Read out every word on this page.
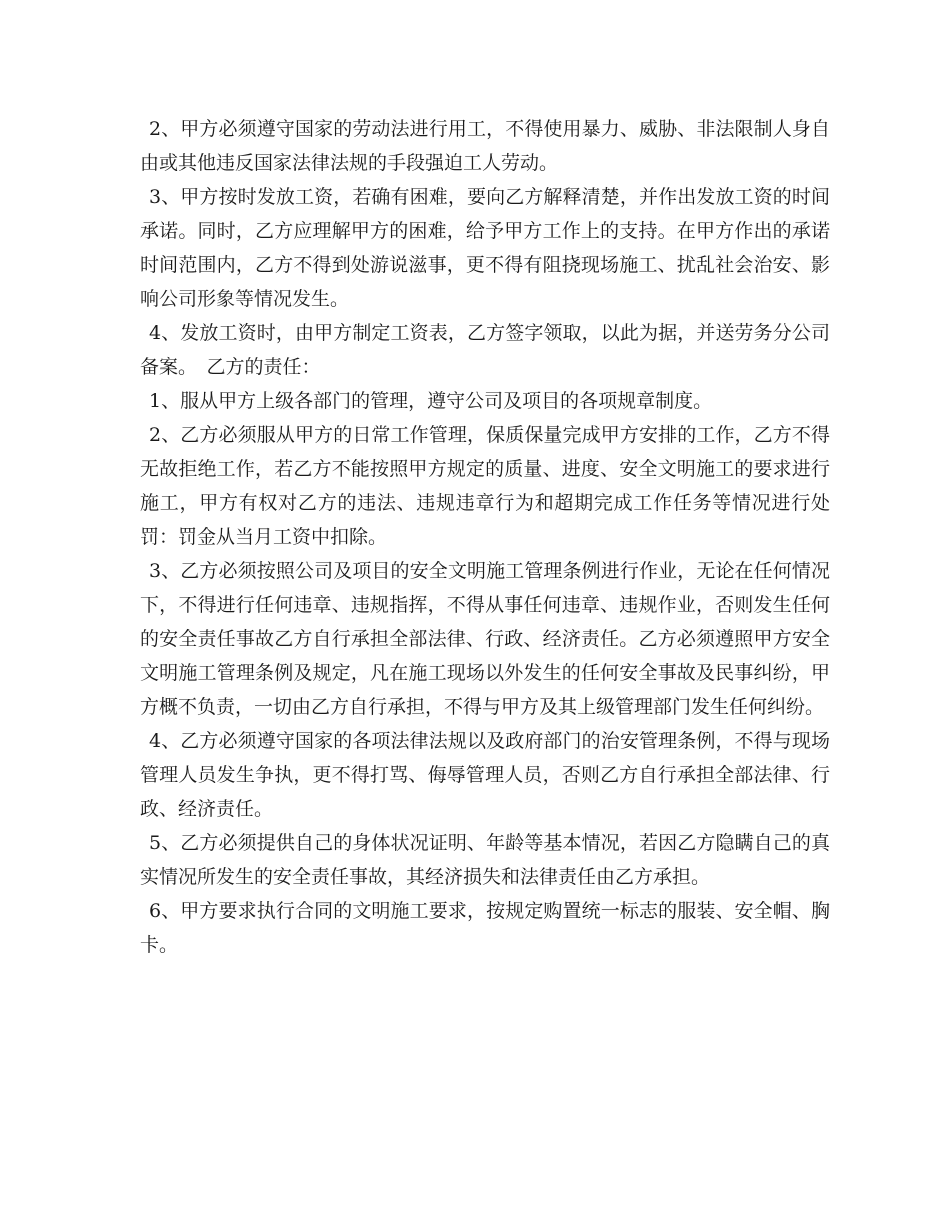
2、甲方必须遵守国家的劳动法进行用工，不得使用暴力、威胁、非法限制人身自由或其他违反国家法律法规的手段强迫工人劳动。

3、甲方按时发放工资，若确有困难，要向乙方解释清楚，并作出发放工资的时间承诺。同时，乙方应理解甲方的困难，给予甲方工作上的支持。在甲方作出的承诺时间范围内，乙方不得到处游说滋事，更不得有阻挠现场施工、扰乱社会治安、影响公司形象等情况发生。

4、发放工资时，由甲方制定工资表，乙方签字领取，以此为据，并送劳务分公司备案。　乙方的责任：

1、服从甲方上级各部门的管理，遵守公司及项目的各项规章制度。

2、乙方必须服从甲方的日常工作管理，保质保量完成甲方安排的工作，乙方不得无故拒绝工作，若乙方不能按照甲方规定的质量、进度、安全文明施工的要求进行施工，甲方有权对乙方的违法、违规违章行为和超期完成工作任务等情况进行处罚：罚金从当月工资中扣除。

3、乙方必须按照公司及项目的安全文明施工管理条例进行作业，无论在任何情况下，不得进行任何违章、违规指挥，不得从事任何违章、违规作业，否则发生任何的安全责任事故乙方自行承担全部法律、行政、经济责任。乙方必须遵照甲方安全文明施工管理条例及规定，凡在施工现场以外发生的任何安全事故及民事纠纷，甲方概不负责，一切由乙方自行承担，不得与甲方及其上级管理部门发生任何纠纷。

4、乙方必须遵守国家的各项法律法规以及政府部门的治安管理条例，不得与现场管理人员发生争执，更不得打骂、侮辱管理人员，否则乙方自行承担全部法律、行政、经济责任。

5、乙方必须提供自己的身体状况证明、年龄等基本情况，若因乙方隐瞒自己的真实情况所发生的安全责任事故，其经济损失和法律责任由乙方承担。

6、甲方要求执行合同的文明施工要求，按规定购置统一标志的服装、安全帽、胸卡。
